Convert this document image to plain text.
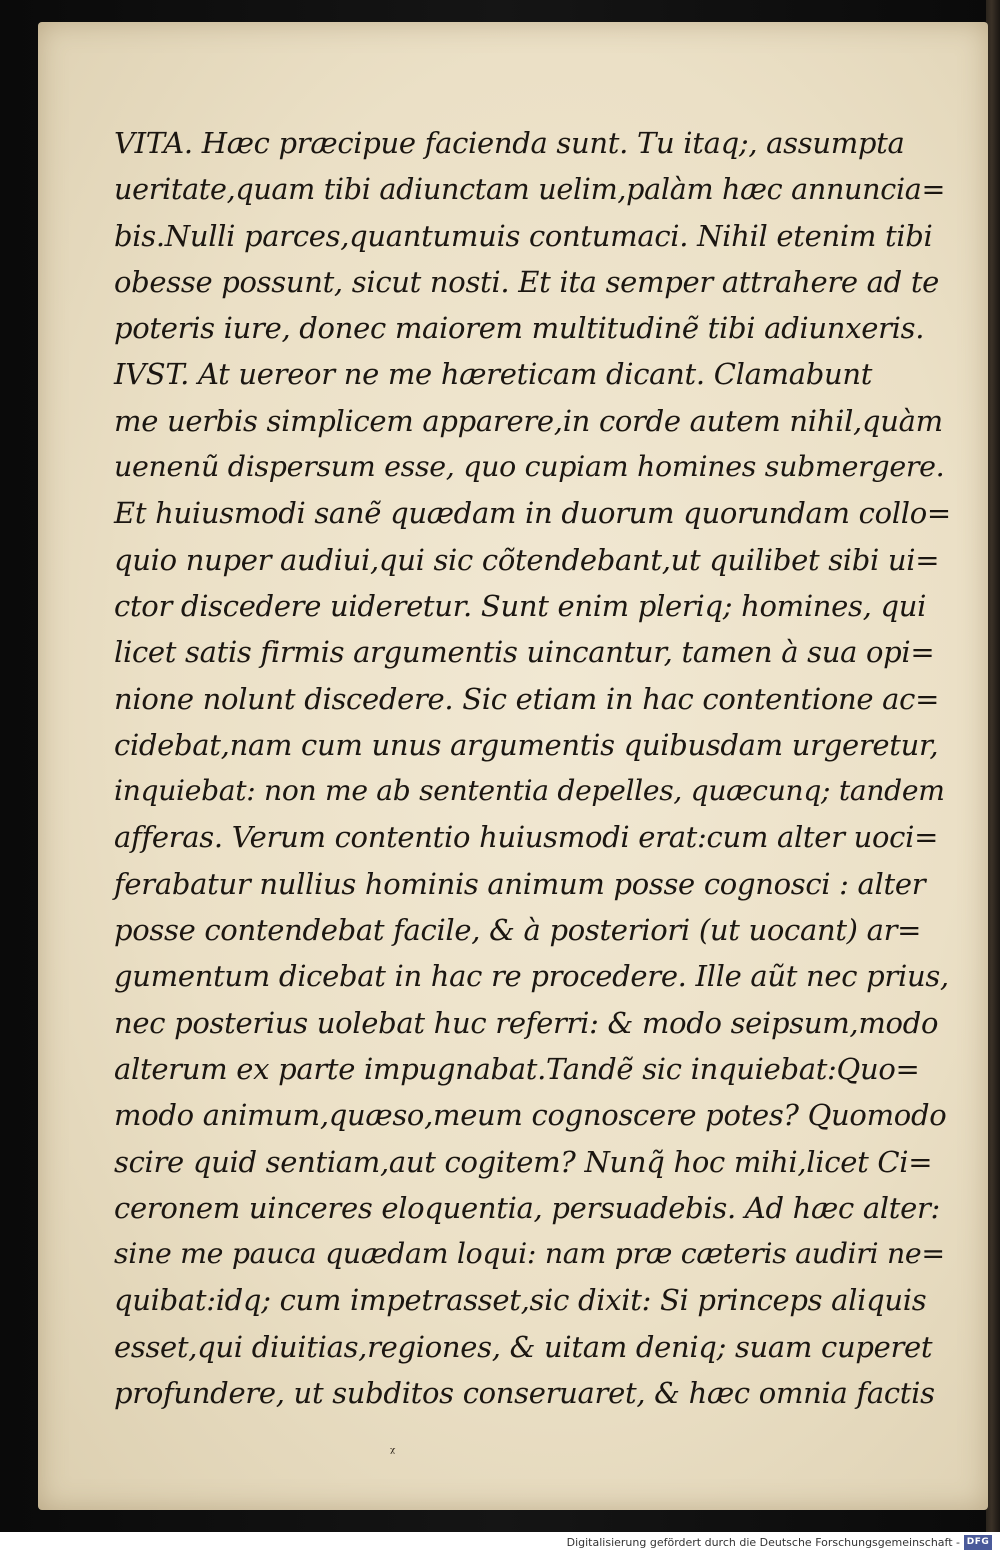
VITA. Hæc præcipue facienda sunt. Tu itaq;, assumpta
ueritate,quam tibi adiunctam uelim,palàm hæc annuncia=
bis.Nulli parces,quantumuis contumaci. Nihil etenim tibi
obesse possunt, sicut nosti. Et ita semper attrahere ad te
poteris iure, donec maiorem multitudinẽ tibi adiunxeris.
IVST. At uereor ne me hæreticam dicant. Clamabunt
me uerbis simplicem apparere,in corde autem nihil,quàm
uenenũ dispersum esse, quo cupiam homines submergere.
Et huiusmodi sanẽ quædam in duorum quorundam collo=
quio nuper audiui,qui sic cõtendebant,ut quilibet sibi ui=
ctor discedere uideretur. Sunt enim pleriq; homines, qui
licet satis firmis argumentis uincantur, tamen à sua opi=
nione nolunt discedere. Sic etiam in hac contentione ac=
cidebat,nam cum unus argumentis quibusdam urgeretur,
inquiebat: non me ab sententia depelles, quæcunq; tandem
afferas. Verum contentio huiusmodi erat:cum alter uoci=
ferabatur nullius hominis animum posse cognosci : alter
posse contendebat facile, & à posteriori (ut uocant) ar=
gumentum dicebat in hac re procedere. Ille aũt nec prius,
nec posterius uolebat huc referri: & modo seipsum,modo
alterum ex parte impugnabat.Tandẽ sic inquiebat:Quo=
modo animum,quæso,meum cognoscere potes? Quomodo
scire quid sentiam,aut cogitem? Nunq̃ hoc mihi,licet Ci=
ceronem uinceres eloquentia, persuadebis. Ad hæc alter:
sine me pauca quædam loqui: nam præ cæteris audiri ne=
quibat:idq; cum impetrasset,sic dixit: Si princeps aliquis
esset,qui diuitias,regiones, & uitam deniq; suam cuperet
profundere, ut subditos conseruaret, & hæc omnia factis
ᵪ
Digitalisierung gefördert durch die Deutsche Forschungsgemeinschaft - DFG
